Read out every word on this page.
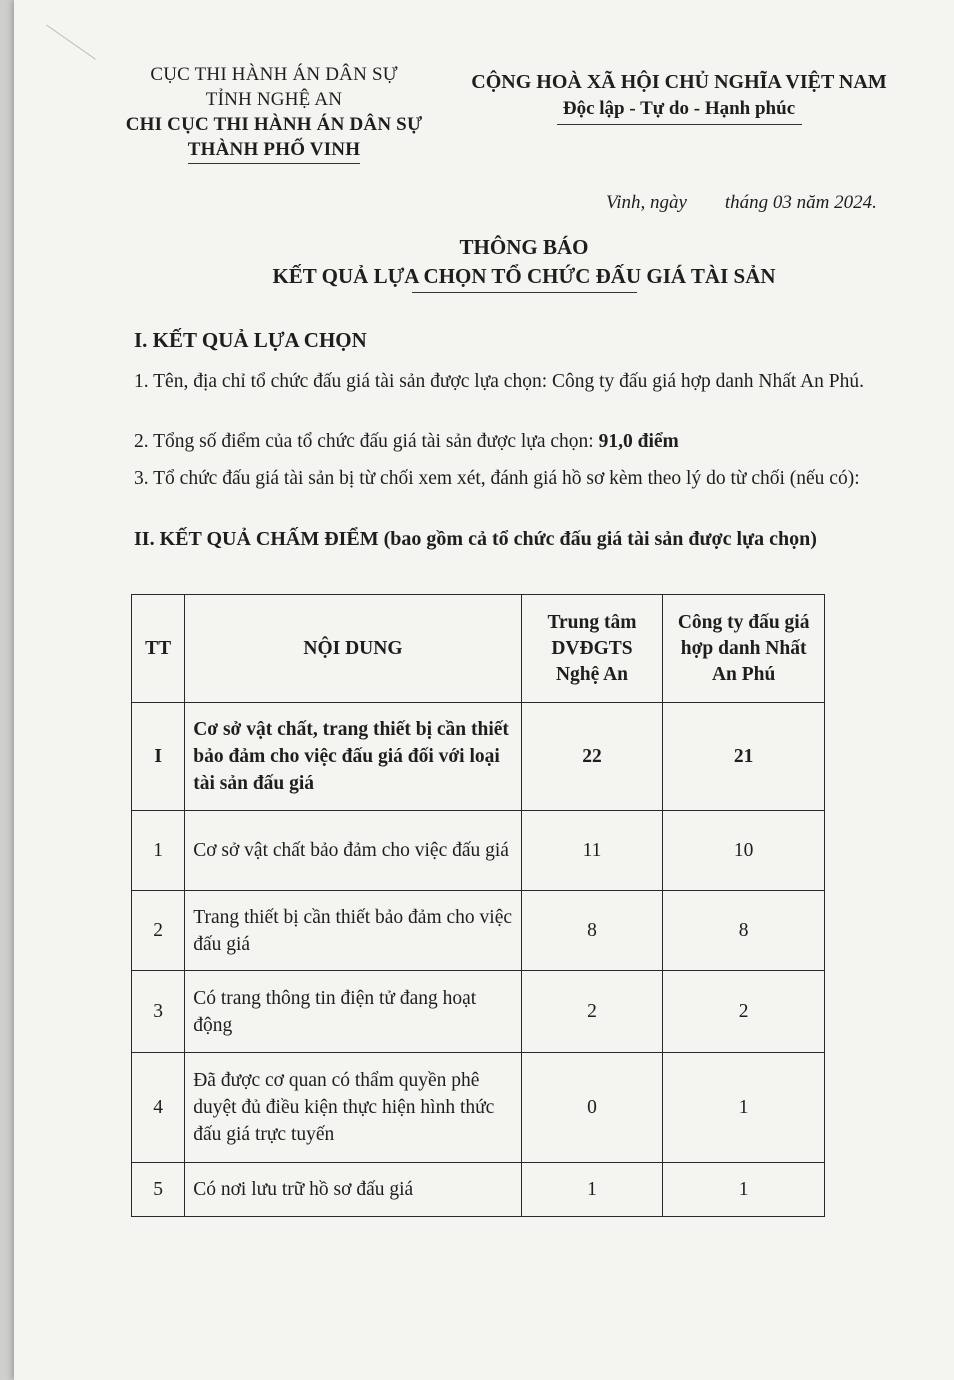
CỤC THI HÀNH ÁN DÂN SỰ
TỈNH NGHỆ AN
CHI CỤC THI HÀNH ÁN DÂN SỰ
THÀNH PHỐ VINH
CỘNG HOÀ XÃ HỘI CHỦ NGHĨA VIỆT NAM
Độc lập - Tự do - Hạnh phúc
Vinh, ngày        tháng 03 năm 2024.
THÔNG BÁO
KẾT QUẢ LỰA CHỌN TỔ CHỨC ĐẤU GIÁ TÀI SẢN
I. KẾT QUẢ LỰA CHỌN
1. Tên, địa chỉ tổ chức đấu giá tài sản được lựa chọn: Công ty đấu giá hợp danh Nhất An Phú.
2. Tổng số điểm của tổ chức đấu giá tài sản được lựa chọn: 91,0 điểm
3. Tổ chức đấu giá tài sản bị từ chối xem xét, đánh giá hồ sơ kèm theo lý do từ chối (nếu có):
II. KẾT QUẢ CHẤM ĐIỂM (bao gồm cả tổ chức đấu giá tài sản được lựa chọn)
TT	NỘI DUNG	Trung tâm DVĐGTS Nghệ An	Công ty đấu giá hợp danh Nhất An Phú
I	Cơ sở vật chất, trang thiết bị cần thiết bảo đảm cho việc đấu giá đối với loại tài sản đấu giá	22	21
1	Cơ sở vật chất bảo đảm cho việc đấu giá	11	10
2	Trang thiết bị cần thiết bảo đảm cho việc đấu giá	8	8
3	Có trang thông tin điện tử đang hoạt động	2	2
4	Đã được cơ quan có thẩm quyền phê duyệt đủ điều kiện thực hiện hình thức đấu giá trực tuyến	0	1
5	Có nơi lưu trữ hồ sơ đấu giá	1	1
